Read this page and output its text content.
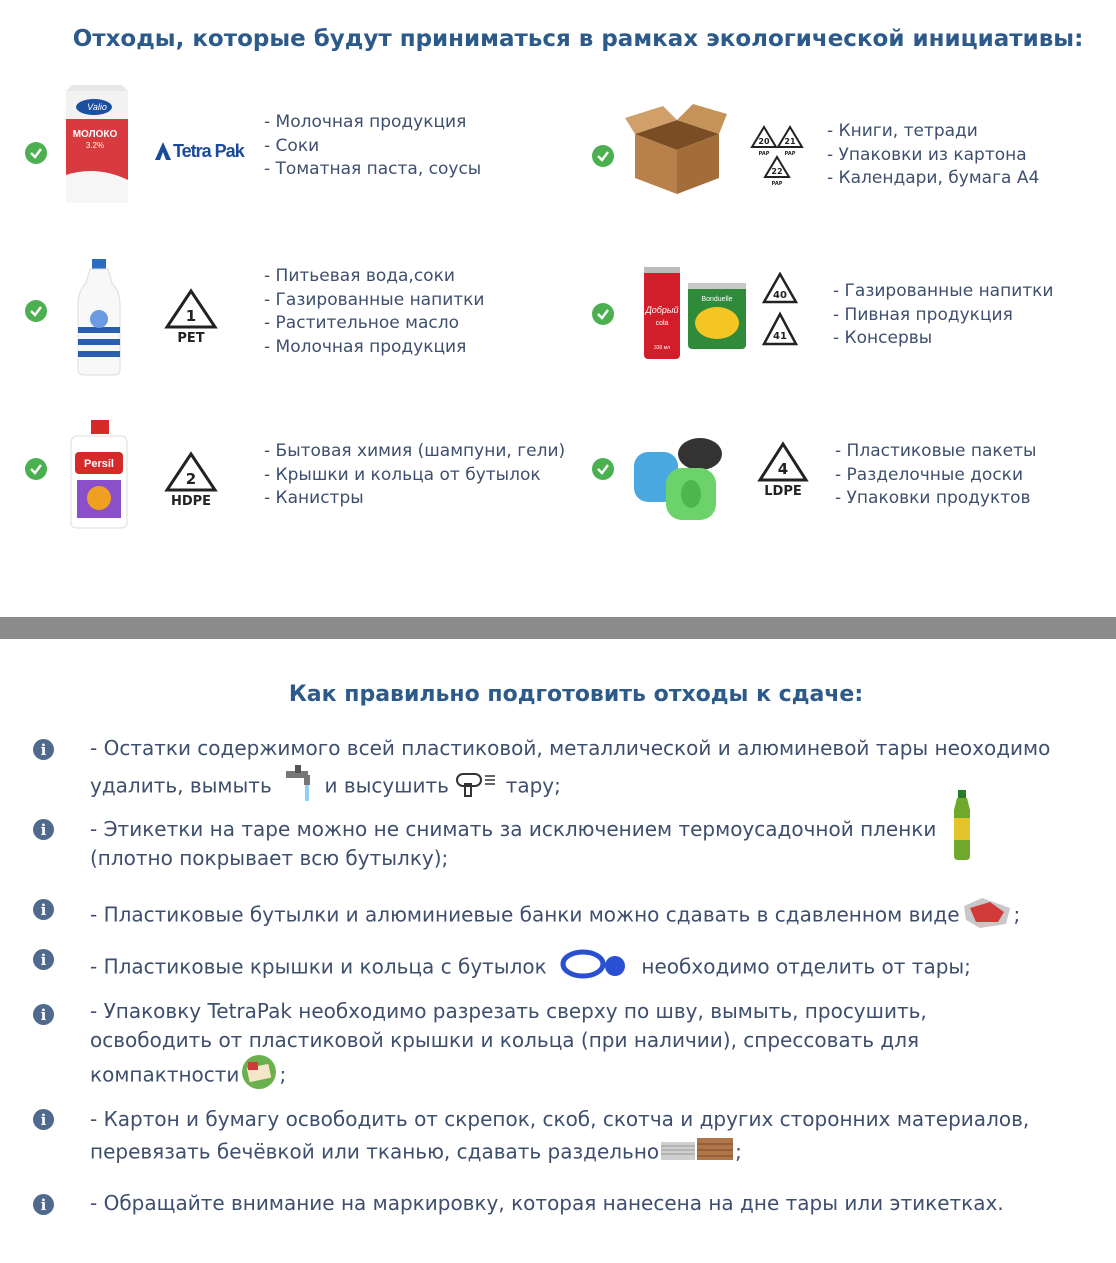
Отходы, которые будут приниматься в рамках экологической инициативы:
Valio
МОЛОКО
3.2%	Tetra Pak
- Молочная продукция
- Соки
- Томатная паста, соусы
1
PET
- Питьевая вода,соки
- Газированные напитки
- Растительное масло
- Молочная продукция
Persil
2
HDPE
- Бытовая химия (шампуни, гели)
- Крышки и кольца от бутылок
- Канистры
20
PAP
21
PAP
22
PAP
- Книги, тетради
- Упаковки из картона
- Календари, бумага А4
Добрый
cola
330 мл
Bonduelle	40
41
- Газированные напитки
- Пивная продукция
- Консервы
4
LDPE
- Пластиковые пакеты
- Разделочные доски
- Упаковки продуктов
Как правильно подготовить отходы к сдаче:
i	- Остатки содержимого всей пластиковой, металлической и алюминевой тары неоходимо удалить, вымыть	и высушить	тару;
i	- Этикетки на таре можно не снимать за исключением термоусадочной пленки (плотно покрывает всю бутылку);
i	- Пластиковые бутылки и алюминиевые банки можно сдавать в сдавленном виде	;
i	- Пластиковые крышки и кольца с бутылок	необходимо отделить от тары;
i	- Упаковку TetraPak необходимо разрезать сверху по шву, вымыть, просушить, освободить от пластиковой крышки и кольца (при наличии), спрессовать для компактности ;
i	- Картон и бумагу освободить от скрепок, скоб, скотча и других сторонних материалов, перевязать бечёвкой или тканью, сдавать раздельно	;
i	- Обращайте внимание на маркировку, которая нанесена на дне тары или этикетках.
